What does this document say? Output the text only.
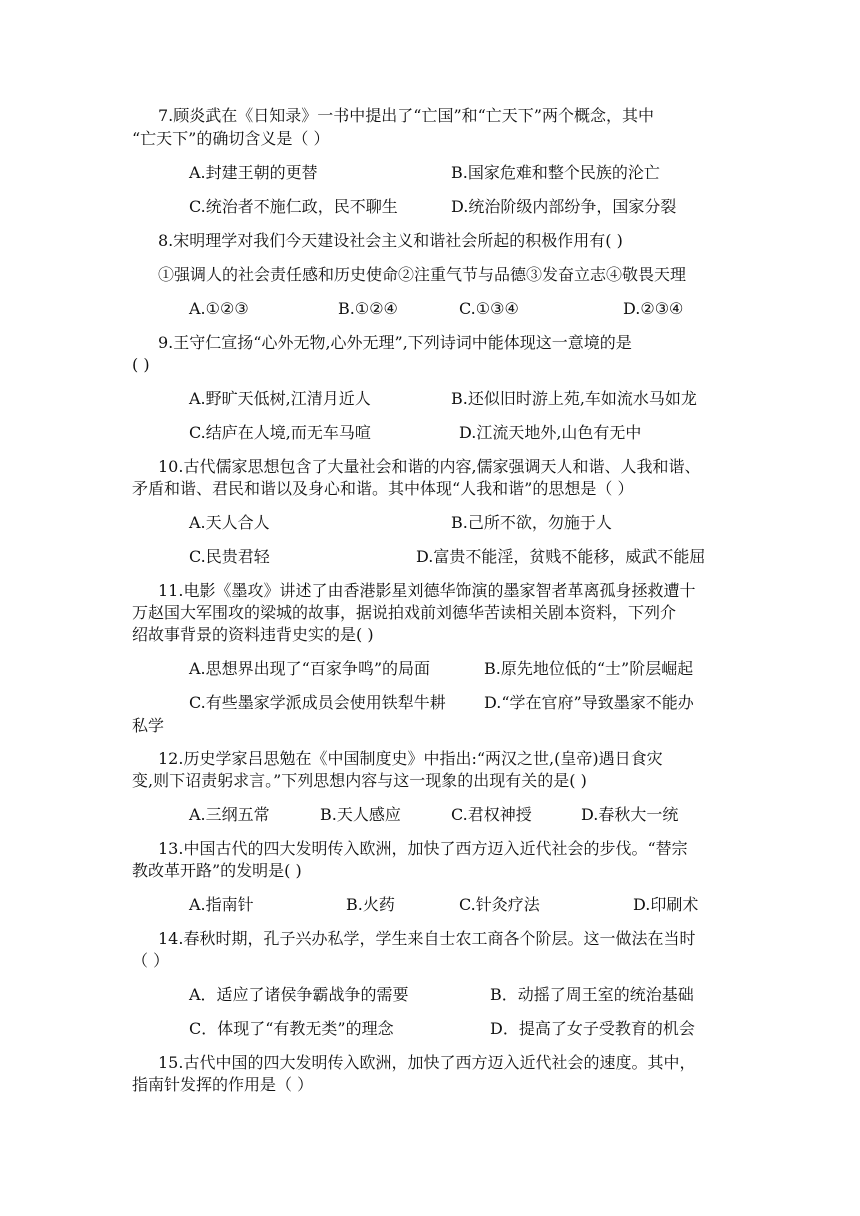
7.顾炎武在《日知录》一书中提出了“亡国”和“亡天下”两个概念，其中
“亡天下”的确切含义是（ ）
A.封建王朝的更替	B.国家危难和整个民族的沦亡
C.统治者不施仁政，民不聊生	D.统治阶级内部纷争，国家分裂
8.宋明理学对我们今天建设社会主义和谐社会所起的积极作用有( )
①强调人的社会责任感和历史使命②注重气节与品德③发奋立志④敬畏天理
A.①②③	B.①②④	C.①③④	D.②③④
9.王守仁宣扬“心外无物,心外无理”,下列诗词中能体现这一意境的是
( )
A.野旷天低树,江清月近人	B.还似旧时游上苑,车如流水马如龙
C.结庐在人境,而无车马喧	D.江流天地外,山色有无中
10.古代儒家思想包含了大量社会和谐的内容,儒家强调天人和谐、人我和谐、
矛盾和谐、君民和谐以及身心和谐。其中体现“人我和谐”的思想是（ ）
A.天人合人	B.己所不欲，勿施于人
C.民贵君轻	D.富贵不能淫，贫贱不能移，威武不能屈
11.电影《墨攻》讲述了由香港影星刘德华饰演的墨家智者革离孤身拯救遭十
万赵国大军围攻的梁城的故事，据说拍戏前刘德华苦读相关剧本资料，下列介
绍故事背景的资料违背史实的是( )
A.思想界出现了“百家争鸣”的局面	B.原先地位低的“士”阶层崛起
C.有些墨家学派成员会使用铁犁牛耕 D.“学在官府”导致墨家不能办
私学
12.历史学家吕思勉在《中国制度史》中指出:“两汉之世,(皇帝)遇日食灾
变,则下诏责躬求言。”下列思想内容与这一现象的出现有关的是( )
A.三纲五常	B.天人感应	C.君权神授	D.春秋大一统
13.中国古代的四大发明传入欧洲，加快了西方迈入近代社会的步伐。“替宗
教改革开路”的发明是( )
A.指南针	B.火药	C.针灸疗法	D.印刷术
14.春秋时期，孔子兴办私学，学生来自士农工商各个阶层。这一做法在当时
（ ）
A．适应了诸侯争霸战争的需要	B．动摇了周王室的统治基础
C．体现了“有教无类”的理念	D．提高了女子受教育的机会
15.古代中国的四大发明传入欧洲，加快了西方迈入近代社会的速度。其中，
指南针发挥的作用是（ ）
